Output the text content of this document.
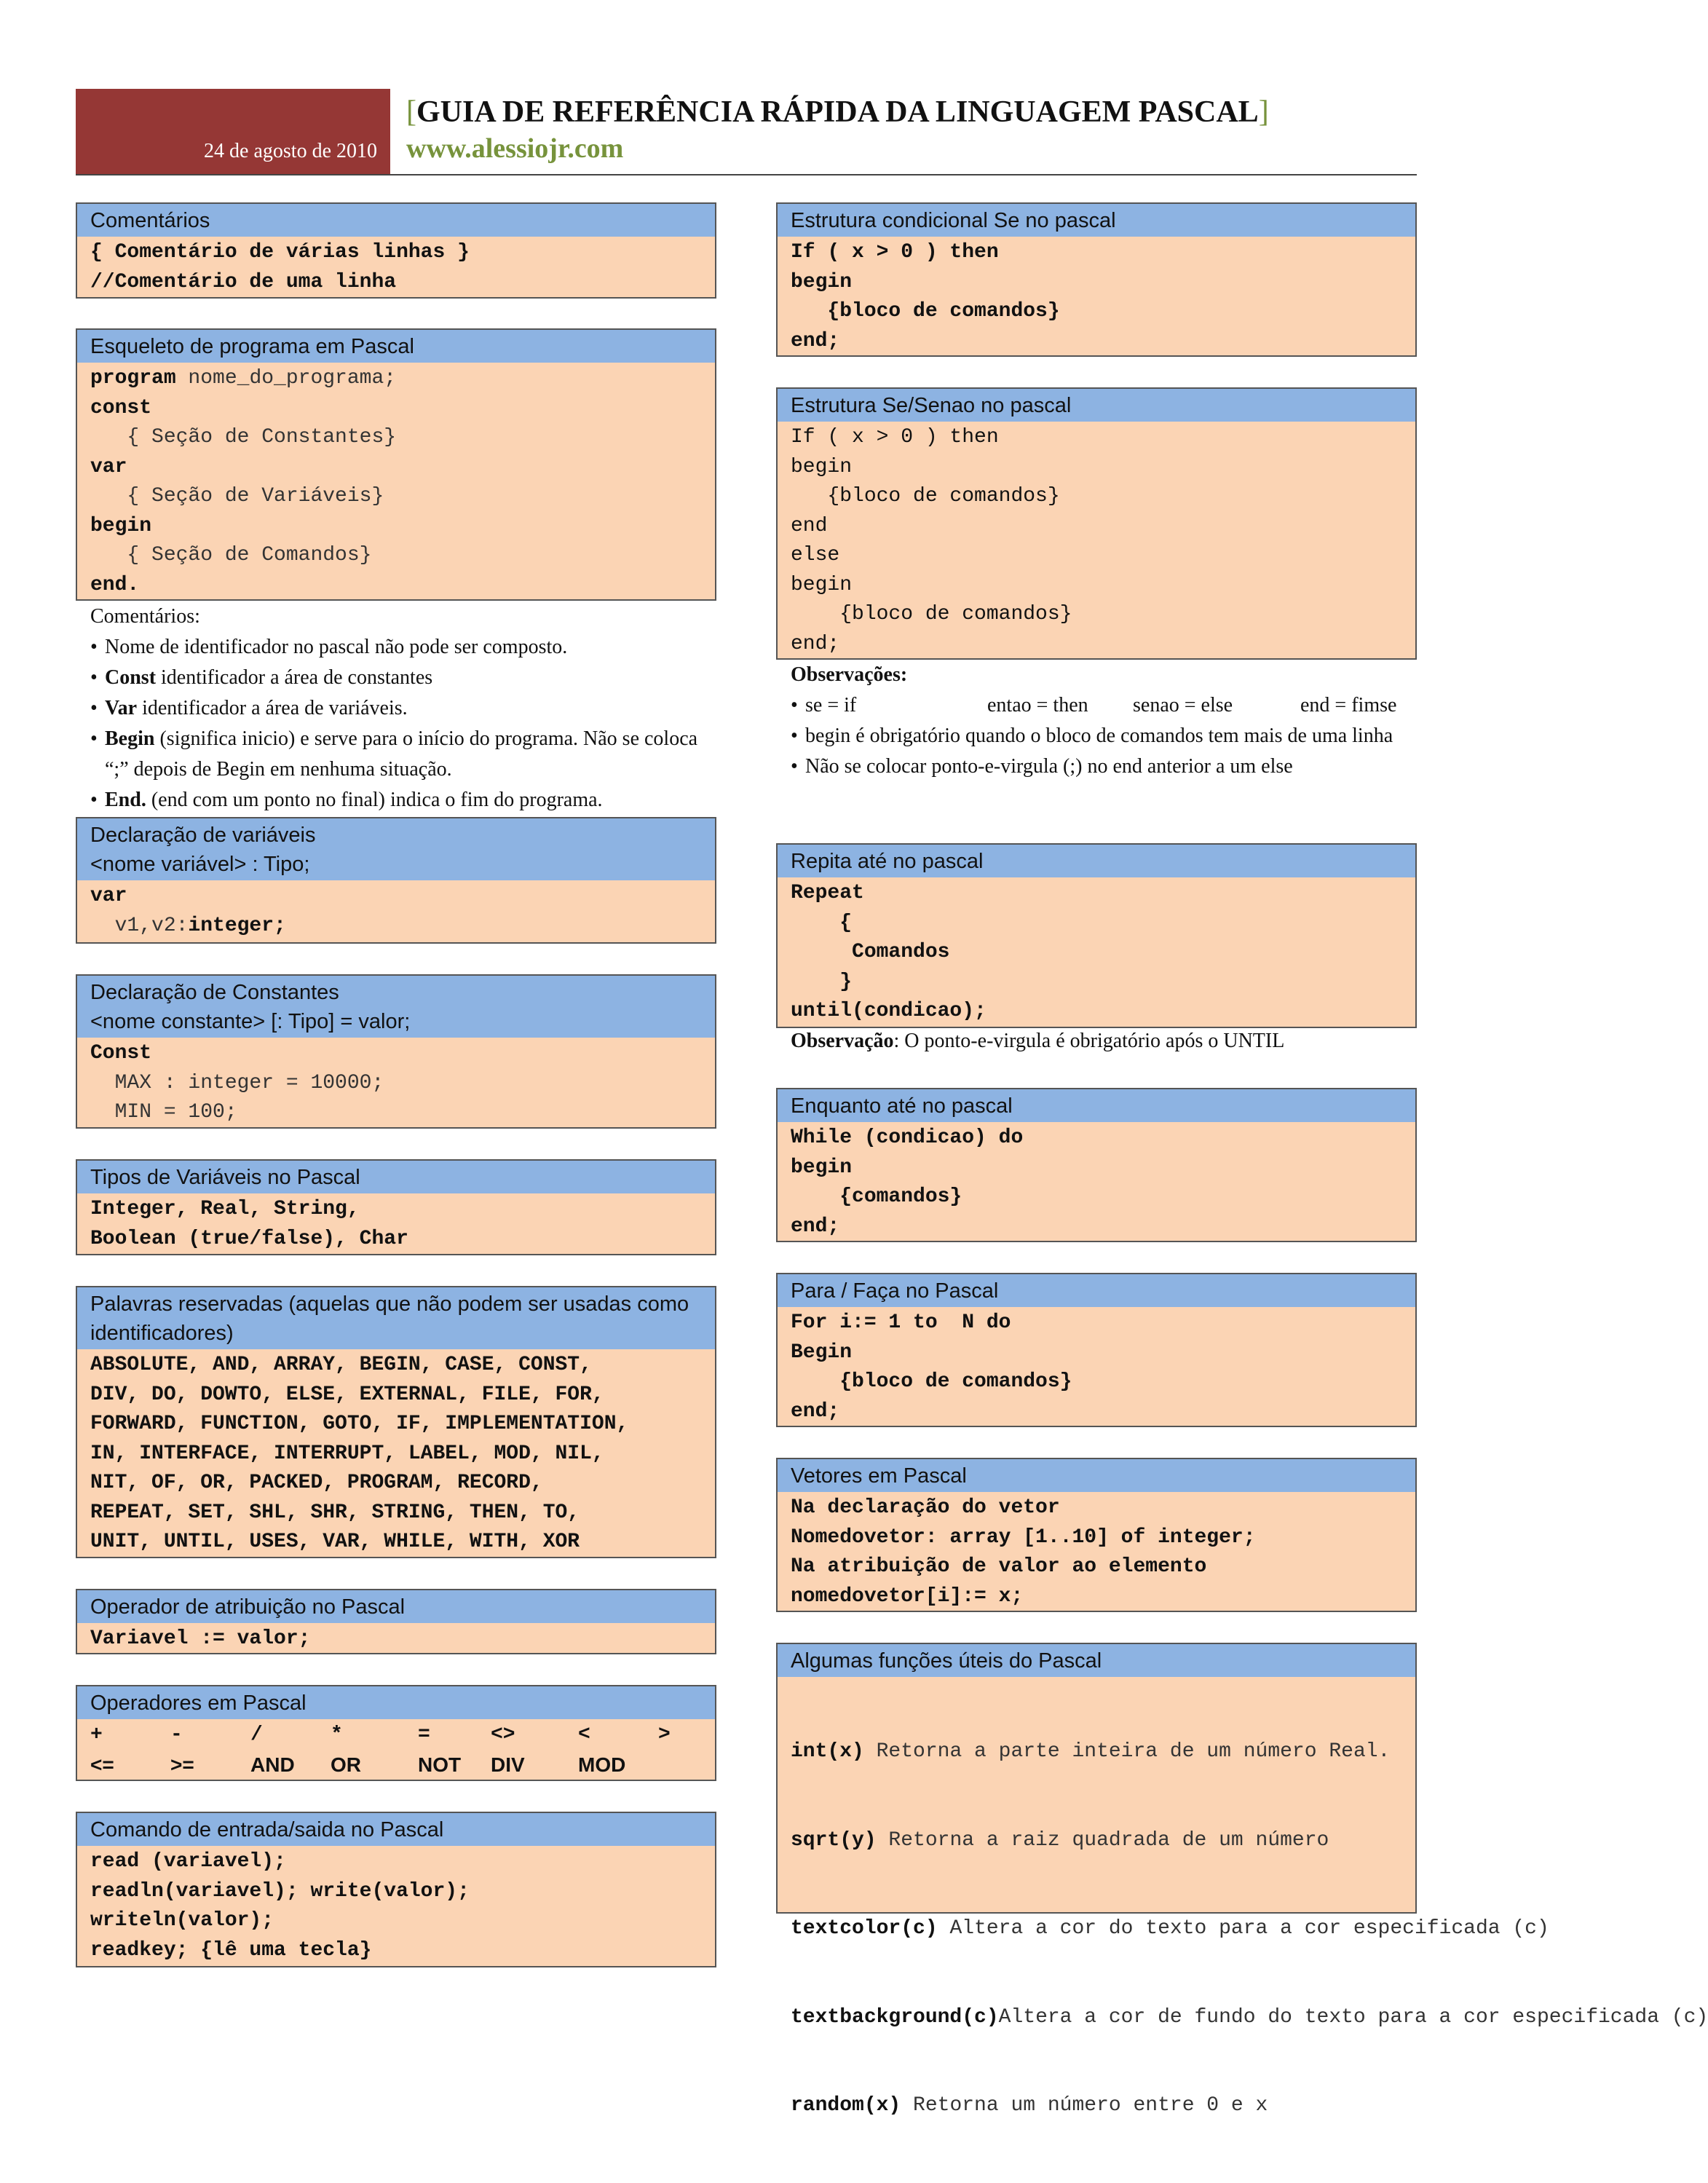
24 de agosto de 2010
[GUIA DE REFERÊNCIA RÁPIDA DA LINGUAGEM PASCAL]
www.alessiojr.com
Comentários
{ Comentário de várias linhas }
//Comentário de uma linha
Esqueleto de programa em Pascal
program nome_do_programa;
const
{ Seção de Constantes}
var
{ Seção de Variáveis}
begin
{ Seção de Comandos}
end.
Comentários:
• Nome de identificador no pascal não pode ser composto.
• Const identificador a área de constantes
• Var identificador a área de variáveis.
• Begin (significa inicio) e serve para o início do programa. Não se coloca “;” depois de Begin em nenhuma situação.
• End. (end com um ponto no final) indica o fim do programa.
Declaração de variáveis
<nome variável> : Tipo;
var
v1,v2:integer;
Declaração de Constantes
<nome constante> [: Tipo] = valor;
Const
MAX : integer = 10000;
MIN = 100;
Tipos de Variáveis no Pascal
Integer, Real, String,
Boolean (true/false), Char
Palavras reservadas (aquelas que não podem ser usadas como identificadores)
ABSOLUTE, AND, ARRAY, BEGIN, CASE, CONST,
DIV, DO, DOWTO, ELSE, EXTERNAL, FILE, FOR,
FORWARD, FUNCTION, GOTO, IF, IMPLEMENTATION,
IN, INTERFACE, INTERRUPT, LABEL, MOD, NIL,
NIT, OF, OR, PACKED, PROGRAM, RECORD,
REPEAT, SET, SHL, SHR, STRING, THEN, TO,
UNIT, UNTIL, USES, VAR, WHILE, WITH, XOR
Operador de atribuição no Pascal
Variavel := valor;
Operadores em Pascal
+	-	/	*	=	<>	<	>
<=	>=	AND	OR	NOT	DIV	MOD
Comando de entrada/saida no Pascal
read (variavel);
readln(variavel); write(valor);
writeln(valor);
readkey; {lê uma tecla}
Estrutura condicional Se no pascal
If ( x > 0 ) then
begin
{bloco de comandos}
end;
Estrutura Se/Senao no pascal
If ( x > 0 ) then
begin
{bloco de comandos}
end
else
begin
{bloco de comandos}
end;
Observações:
• se = if	entao = then senao = else	end = fimse
• begin é obrigatório quando o bloco de comandos tem mais de uma linha
• Não se colocar ponto-e-virgula (;) no end anterior a um else
Repita até no pascal
Repeat
{
Comandos
}
until(condicao);
Observação: O ponto-e-virgula é obrigatório após o UNTIL
Enquanto até no pascal
While (condicao) do
begin
{comandos}
end;
Para / Faça no Pascal
For i:= 1 to  N do
Begin
{bloco de comandos}
end;
Vetores em Pascal
Na declaração do vetor
Nomedovetor: array [1..10] of integer;
Na atribuição de valor ao elemento
nomedovetor[i]:= x;
Algumas funções úteis do Pascal

int(x) Retorna a parte inteira de um número Real.

sqrt(y) Retorna a raiz quadrada de um número

textcolor(c) Altera a cor do texto para a cor especificada (c)

textbackground(c)Altera a cor de fundo do texto para a cor especificada (c)

random(x) Retorna um número entre 0 e x
